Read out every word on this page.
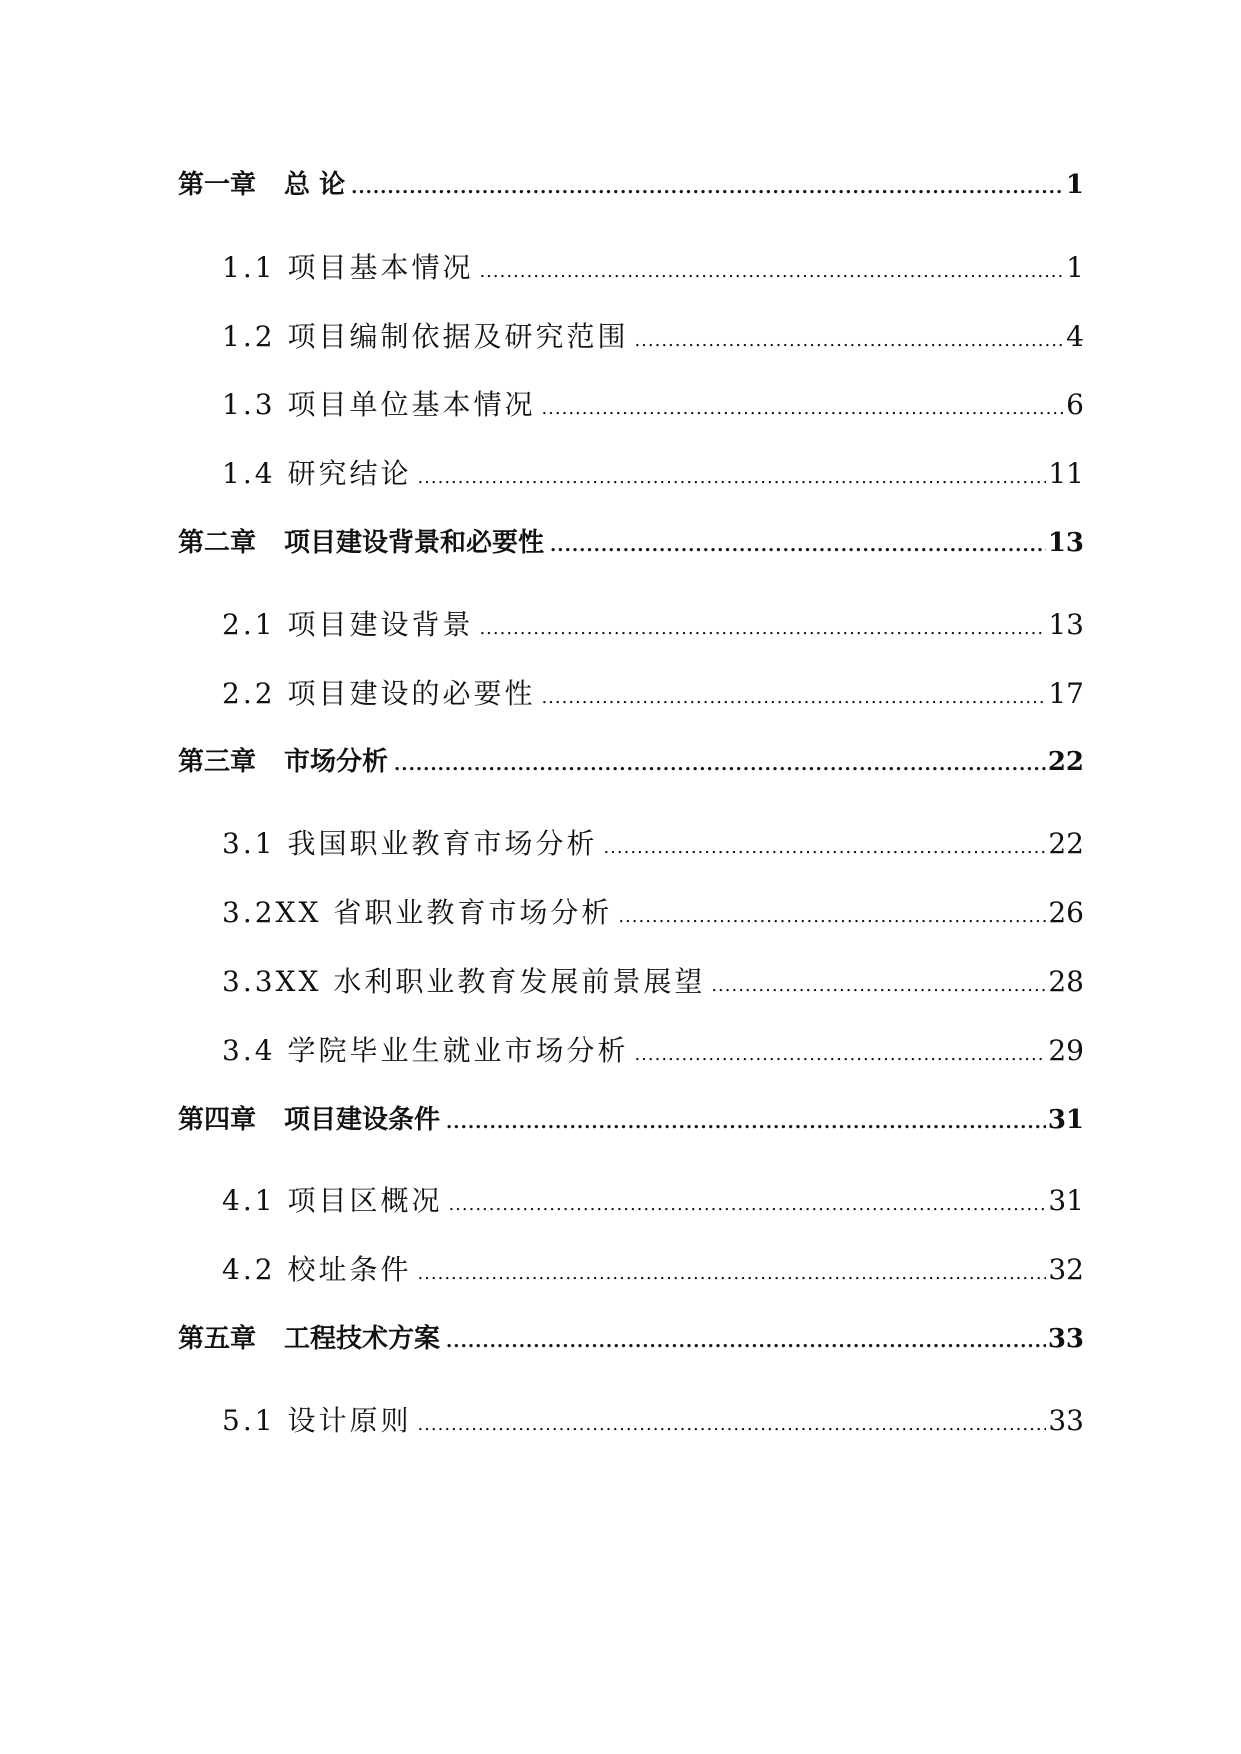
第一章 总 论 .....	1
1.1 项目基本情况 .....	1
1.2 项目编制依据及研究范围 .....	4
1.3 项目单位基本情况 .....	6
1.4 研究结论 .....	11
第二章 项目建设背景和必要性 .....	13
2.1 项目建设背景 .....	13
2.2 项目建设的必要性 .....	17
第三章 市场分析 .....	22
3.1 我国职业教育市场分析 .....	22
3.2XX 省职业教育市场分析 .....	26
3.3XX 水利职业教育发展前景展望 .....	28
3.4 学院毕业生就业市场分析 .....	29
第四章 项目建设条件 .....	31
4.1 项目区概况 .....	31
4.2 校址条件 .....	32
第五章 工程技术方案 .....	33
5.1 设计原则 .....	33
